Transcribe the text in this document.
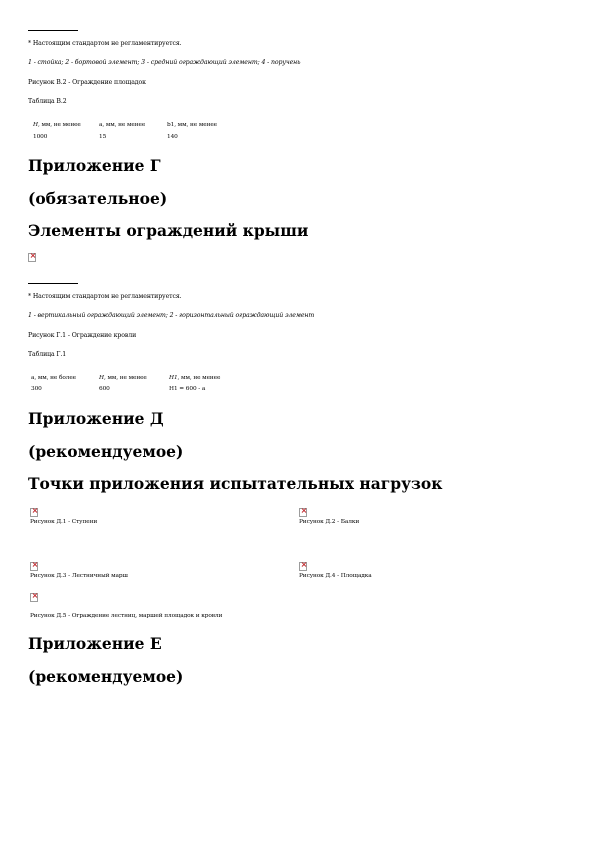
* Настоящим стандартом не регламентируется.
1 - стойка; 2 - бортовой элемент; 3 - средний ограждающий элемент; 4 - поручень
Рисунок В.2 - Ограждение площадок
Таблица В.2
H, мм, не менее	a, мм, не менее	b1, мм, не менее
1000	15	140
Приложение Г
(обязательное)
Элементы ограждений крыши
×
* Настоящим стандартом не регламентируется.
1 - вертикальный ограждающий элемент; 2 - горизонтальный ограждающий элемент
Рисунок Г.1 - Ограждение кровли
Таблица Г.1
a, мм, не более	H, мм, не менее	H1, мм, не менее
300	600	H1 = 600 - a
Приложение Д
(рекомендуемое)
Точки приложения испытательных нагрузок
×
Рисунок Д.1 - Ступени
×	Рисунок Д.2 - Балки
×
Рисунок Д.3 - Лестничный марш
×	Рисунок Д.4 - Площадка
×
Рисунок Д.5 - Ограждение лестниц, маршей площадок и кровли
Приложение Е
(рекомендуемое)
